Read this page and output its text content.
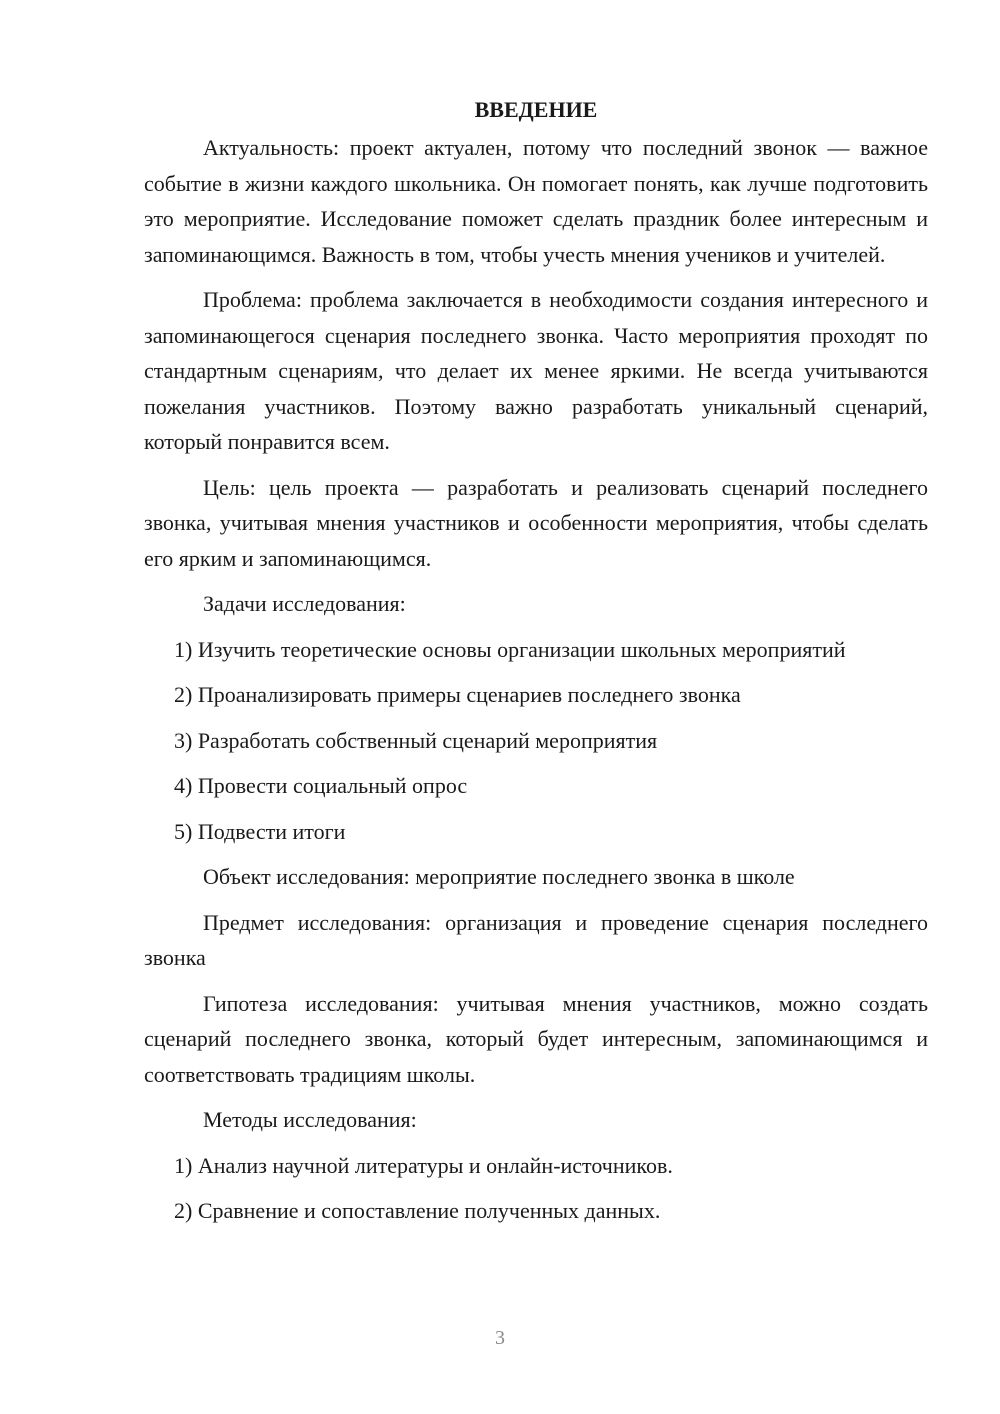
ВВЕДЕНИЕ

Актуальность: проект актуален, потому что последний звонок — важное событие в жизни каждого школьника. Он помогает понять, как лучше подготовить это мероприятие. Исследование поможет сделать праздник более интересным и запоминающимся. Важность в том, чтобы учесть мнения учеников и учителей.

Проблема: проблема заключается в необходимости создания интересного и запоминающегося сценария последнего звонка. Часто мероприятия проходят по стандартным сценариям, что делает их менее яркими. Не всегда учитываются пожелания участников. Поэтому важно разработать уникальный сценарий, который понравится всем.

Цель: цель проекта — разработать и реализовать сценарий последнего звонка, учитывая мнения участников и особенности мероприятия, чтобы сделать его ярким и запоминающимся.

Задачи исследования:

1) Изучить теоретические основы организации школьных мероприятий

2) Проанализировать примеры сценариев последнего звонка

3) Разработать собственный сценарий мероприятия

4) Провести социальный опрос

5) Подвести итоги

Объект исследования: мероприятие последнего звонка в школе

Предмет исследования: организация и проведение сценария последнего звонка

Гипотеза исследования: учитывая мнения участников, можно создать сценарий последнего звонка, который будет интересным, запоминающимся и соответствовать традициям школы.

Методы исследования:

1) Анализ научной литературы и онлайн-источников.

2) Сравнение и сопоставление полученных данных.

3
